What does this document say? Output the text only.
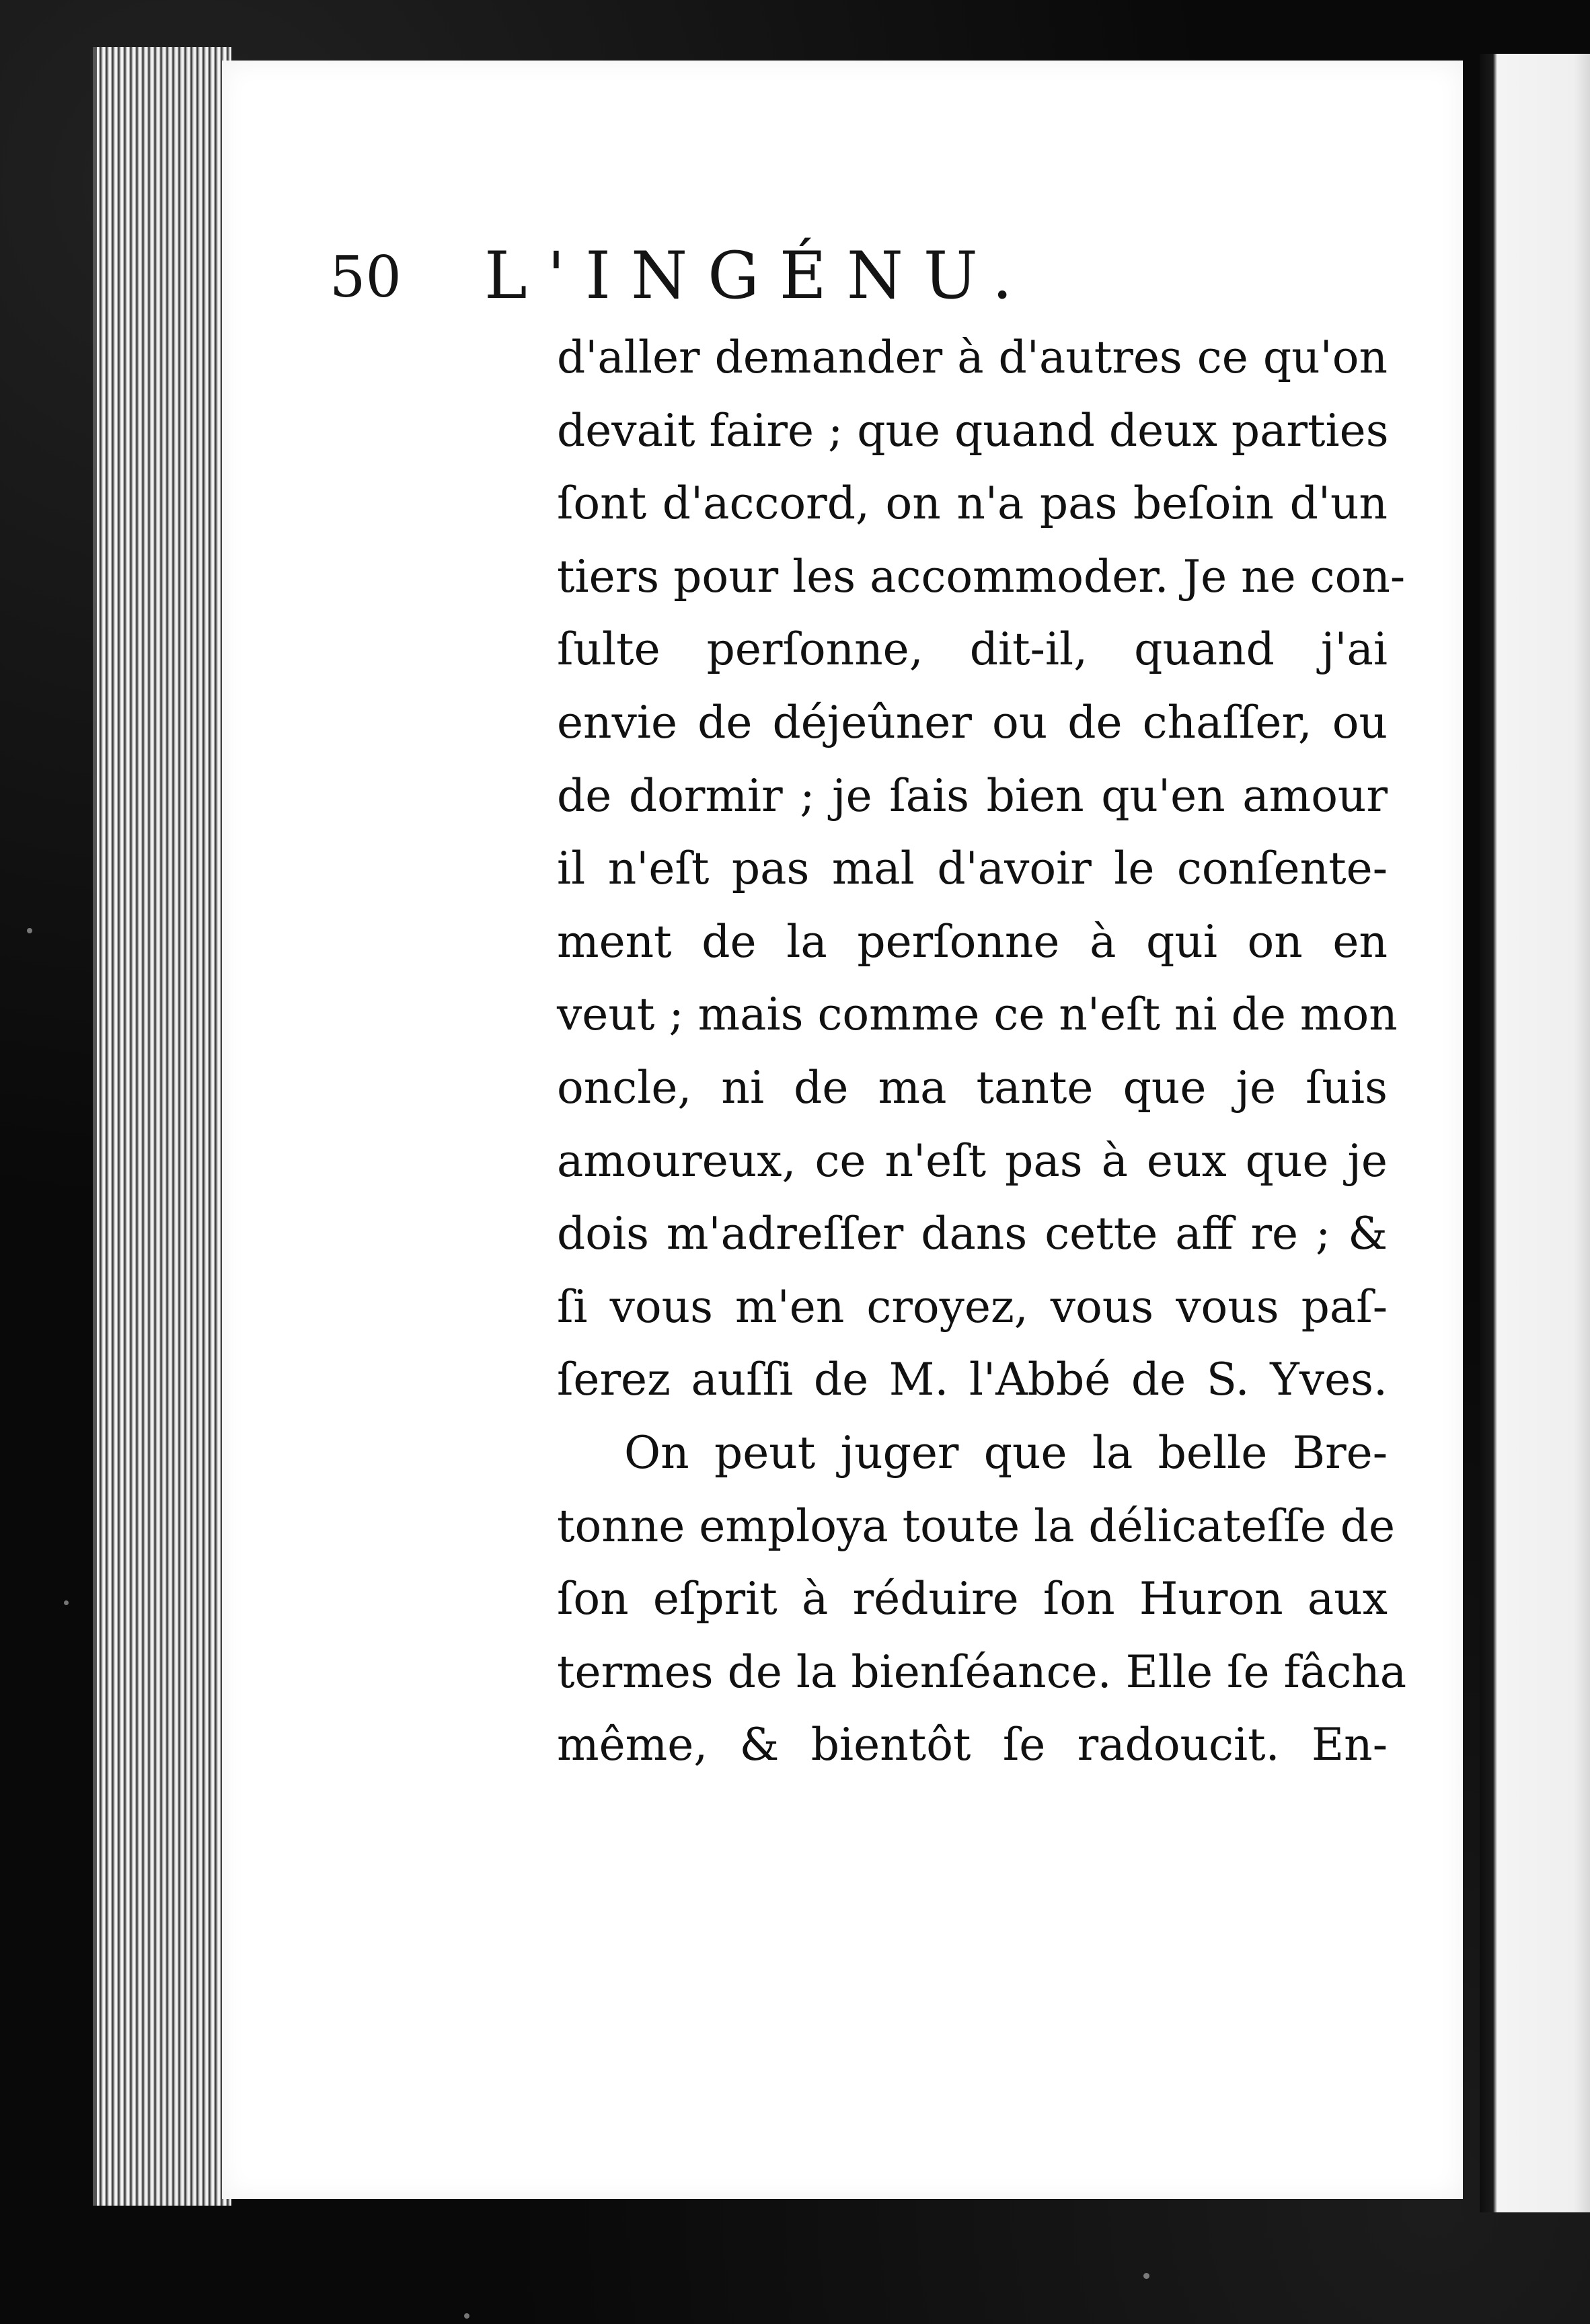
50 L'INGÉNU.
d'aller demander à d'autres ce qu'on
devait faire ; que quand deux parties
ſont d'accord, on n'a pas beſoin d'un
tiers pour les accommoder. Je ne con-
ſulte perſonne, dit-il, quand j'ai
envie de déjeûner ou de chaſſer, ou
de dormir ; je ſais bien qu'en amour
il n'eſt pas mal d'avoir le conſente-
ment de la perſonne à qui on en
veut ; mais comme ce n'eſt ni de mon
oncle, ni de ma tante que je ſuis
amoureux, ce n'eſt pas à eux que je
dois m'adreſſer dans cette aff re ; &
ſi vous m'en croyez, vous vous paſ-
ſerez auſſi de M. l'Abbé de S. Yves.
On peut juger que la belle Bre-
tonne employa toute la délicateſſe de
ſon eſprit à réduire ſon Huron aux
termes de la bienſéance. Elle ſe fâcha
même, & bientôt ſe radoucit. En-
